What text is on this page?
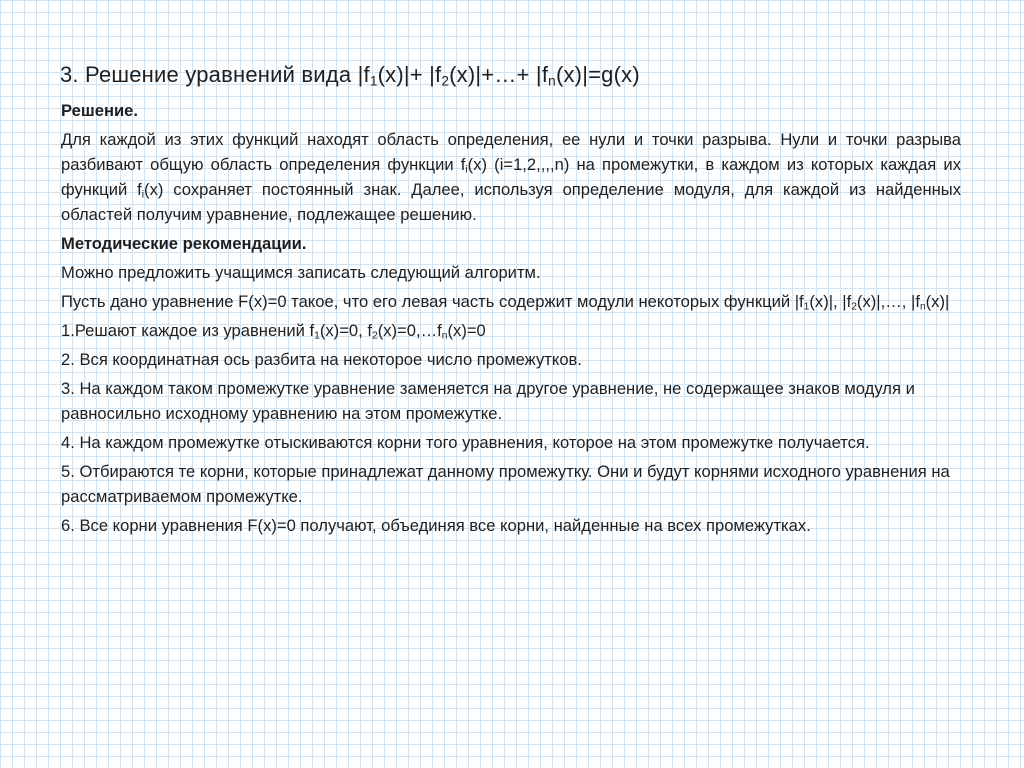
3. Решение уравнений вида $|f_1(x)|+$ $|f_2(x)|+\dots+ |f_n(x)|=g(x)$

Решение.

Для каждой из этих функций находят область определения, ее нули и точки разрыва. Нули и точки разрыва разбивают общую область определения функции $f_i(x)$ (i=1,2,,,,n) на промежутки, в каждом из которых каждая их функций $f_i(x)$ сохраняет постоянный знак. Далее, используя определение модуля, для каждой из найденных областей получим уравнение, подлежащее решению.

Методические рекомендации.

Можно предложить учащимся записать следующий алгоритм.

Пусть дано уравнение F(x)=0 такое, что его левая часть содержит модули некоторых функций $|f_1(x)|$, $|f_2(x)|,\dots$, $|f_n(x)|$

1.Решают каждое из уравнений $f_1(x)=0$, $f_2(x)=0,\dots f_n(x)=0$

2. Вся координатная ось разбита на некоторое число промежутков.

3. На каждом таком промежутке уравнение заменяется на другое уравнение, не содержащее знаков модуля и равносильно исходному уравнению на этом промежутке.

4. На каждом промежутке отыскиваются корни того уравнения, которое на этом промежутке получается.

5. Отбираются те корни, которые принадлежат данному промежутку. Они и будут корнями исходного уравнения на рассматриваемом промежутке.

6. Все корни уравнения F(x)=0 получают, объединяя все корни, найденные на всех промежутках.
